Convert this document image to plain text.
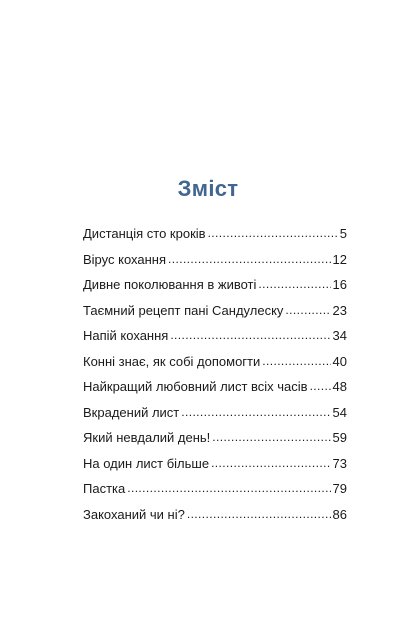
Зміст
Дистанція сто кроків .....	5
Вірус кохання .....	12
Дивне поколювання в животі .....	16
Таємний рецепт пані Сандулеску .....	23
Напій кохання .....	34
Конні знає, як собі допомогти .....	40
Найкращий любовний лист всіх часів ..... 48
Вкрадений лист .....	54
Який невдалий день! .....	59
На один лист більше .....	73
Пастка .....	79
Закоханий чи ні? .....	86
